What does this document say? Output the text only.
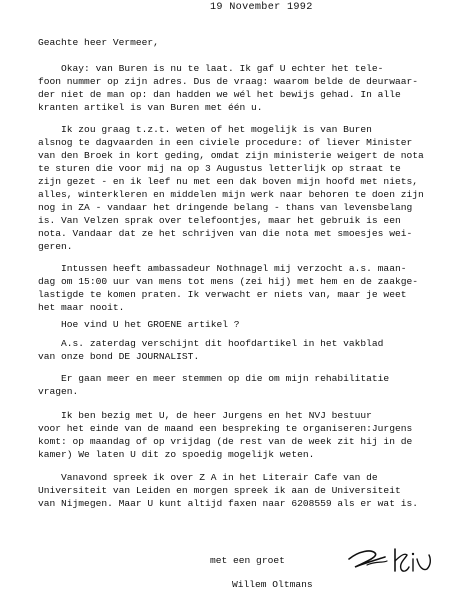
19 November 1992
Geachte heer Vermeer,
Okay: van Buren is nu te laat. Ik gaf U echter het tele-
foon nummer op zijn adres. Dus de vraag: waarom belde de deurwaar-
der niet de man op: dan hadden we wél het bewijs gehad. In alle
kranten artikel is van Buren met één u.
Ik zou graag t.z.t. weten of het mogelijk is van Buren
alsnog te dagvaarden in een civiele procedure: of liever Minister
van den Broek in kort geding, omdat zijn ministerie weigert de nota
te sturen die voor mij na op 3 Augustus letterlijk op straat te
zijn gezet - en ik leef nu met een dak boven mijn hoofd met niets,
alles, winterkleren en middelen mijn werk naar behoren te doen zijn
nog in ZA - vandaar het dringende belang - thans van levensbelang
is. Van Velzen sprak over telefoontjes, maar het gebruik is een
nota. Vandaar dat ze het schrijven van die nota met smoesjes wei-
geren.
Intussen heeft ambassadeur Nothnagel mij verzocht a.s. maan-
dag om 15:00 uur van mens tot mens (zei hij) met hem en de zaakge-
lastigde te komen praten. Ik verwacht er niets van, maar je weet
het maar nooit.
Hoe vind U het GROENE artikel ?
A.s. zaterdag verschijnt dit hoofdartikel in het vakblad
van onze bond DE JOURNALIST.
Er gaan meer en meer stemmen op die om mijn rehabilitatie
vragen.
Ik ben bezig met U, de heer Jurgens en het NVJ bestuur
voor het einde van de maand een bespreking te organiseren:Jurgens
komt: op maandag of op vrijdag (de rest van de week zit hij in de
kamer) We laten U dit zo spoedig mogelijk weten.
Vanavond spreek ik over Z A in het Literair Cafe van de
Universiteit van Leiden en morgen spreek ik aan de Universiteit
van Nijmegen. Maar U kunt altijd faxen naar 6208559 als er wat is.
met een groet
Willem Oltmans
